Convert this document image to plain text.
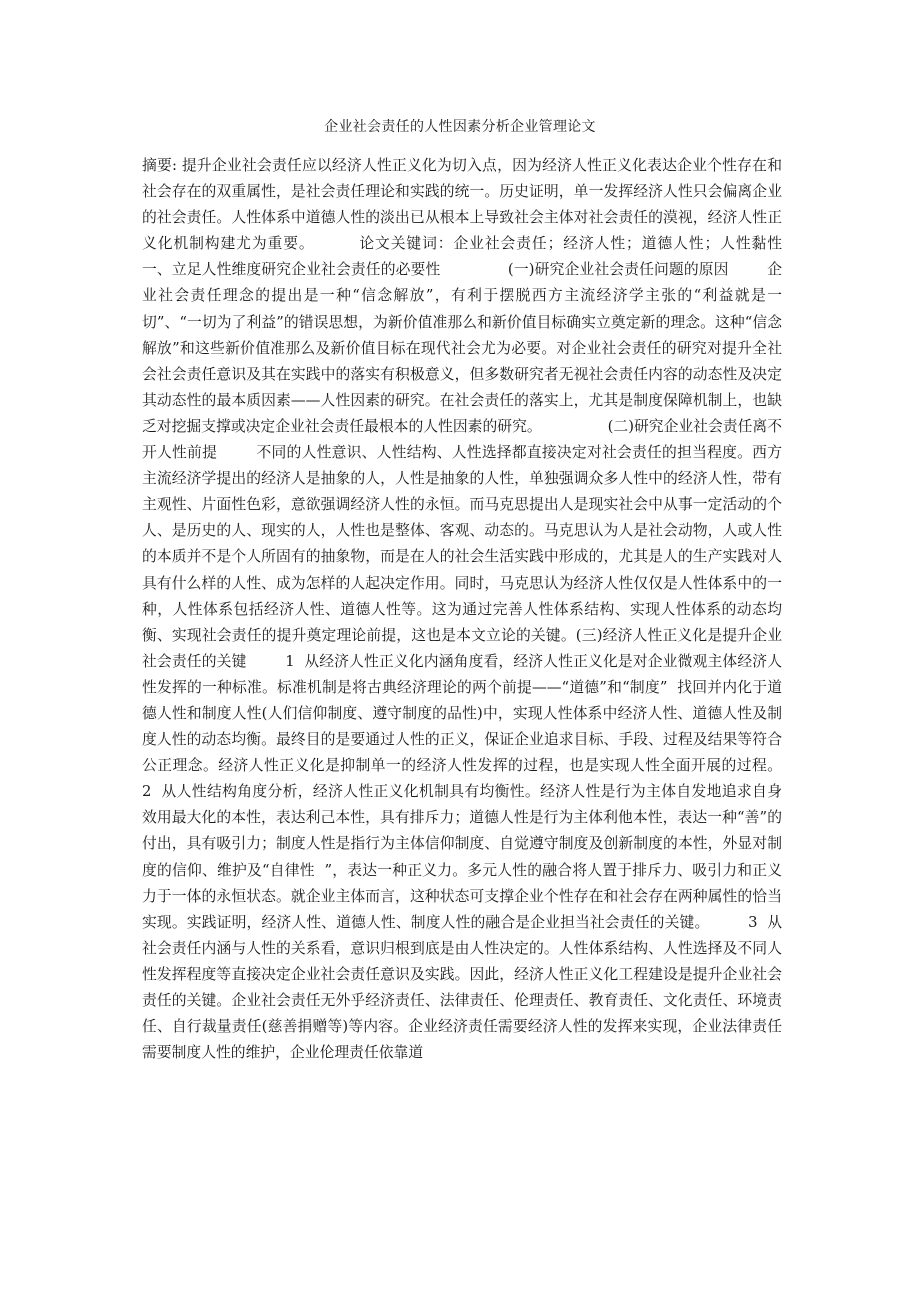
企业社会责任的人性因素分析企业管理论文

摘要: 提升企业社会责任应以经济人性正义化为切入点，因为经济人性正义化表达企业个性存在和社会存在的双重属性，是社会责任理论和实践的统一。历史证明，单一发挥经济人性只会偏离企业的社会责任。人性体系中道德人性的淡出已从根本上导致社会主体对社会责任的漠视，经济人性正义化机制构建尤为重要。        论文关键词：企业社会责任；经济人性；道德人性；人性黏性              一、立足人性维度研究企业社会责任的必要性              (一)研究企业社会责任问题的原因        企业社会责任理念的提出是一种“信念解放”，有利于摆脱西方主流经济学主张的“利益就是一切”、“一切为了利益”的错误思想，为新价值准那么和新价值目标确实立奠定新的理念。这种“信念解放”和这些新价值准那么及新价值目标在现代社会尤为必要。对企业社会责任的研究对提升全社会社会责任意识及其在实践中的落实有积极意义，但多数研究者无视社会责任内容的动态性及决定其动态性的最本质因素——人性因素的研究。在社会责任的落实上，尤其是制度保障机制上，也缺乏对挖掘支撑或决定企业社会责任最根本的人性因素的研究。              (二)研究企业社会责任离不开人性前提        不同的人性意识、人性结构、人性选择都直接决定对社会责任的担当程度。西方主流经济学提出的经济人是抽象的人，人性是抽象的人性，单独强调众多人性中的经济人性，带有主观性、片面性色彩，意欲强调经济人性的永恒。而马克思提出人是现实社会中从事一定活动的个人、是历史的人、现实的人，人性也是整体、客观、动态的。马克思认为人是社会动物，人或人性的本质并不是个人所固有的抽象物，而是在人的社会生活实践中形成的，尤其是人的生产实践对人具有什么样的人性、成为怎样的人起决定作用。同时，马克思认为经济人性仅仅是人性体系中的一种，人性体系包括经济人性、道德人性等。这为通过完善人性体系结构、实现人性体系的动态均衡、实现社会责任的提升奠定理论前提，这也是本文立论的关键。(三)经济人性正义化是提升企业社会责任的关键        1  从经济人性正义化内涵角度看，经济人性正义化是对企业微观主体经济人性发挥的一种标准。标准机制是将古典经济理论的两个前提——“道德”和“制度”  找回并内化于道德人性和制度人性(人们信仰制度、遵守制度的品性)中，实现人性体系中经济人性、道德人性及制度人性的动态均衡。最终目的是要通过人性的正义，保证企业追求目标、手段、过程及结果等符合公正理念。经济人性正义化是抑制单一的经济人性发挥的过程，也是实现人性全面开展的过程。        2  从人性结构角度分析，经济人性正义化机制具有均衡性。经济人性是行为主体自发地追求自身效用最大化的本性，表达利己本性，具有排斥力；道德人性是行为主体利他本性，表达一种“善”的付出，具有吸引力；制度人性是指行为主体信仰制度、自觉遵守制度及创新制度的本性，外显对制度的信仰、维护及“自律性  ”，表达一种正义力。多元人性的融合将人置于排斥力、吸引力和正义力于一体的永恒状态。就企业主体而言，这种状态可支撑企业个性存在和社会存在两种属性的恰当实现。实践证明，经济人性、道德人性、制度人性的融合是企业担当社会责任的关键。        3  从社会责任内涵与人性的关系看，意识归根到底是由人性决定的。人性体系结构、人性选择及不同人性发挥程度等直接决定企业社会责任意识及实践。因此，经济人性正义化工程建设是提升企业社会责任的关键。企业社会责任无外乎经济责任、法律责任、伦理责任、教育责任、文化责任、环境责任、自行裁量责任(慈善捐赠等)等内容。企业经济责任需要经济人性的发挥来实现，企业法律责任需要制度人性的维护，企业伦理责任依靠道
